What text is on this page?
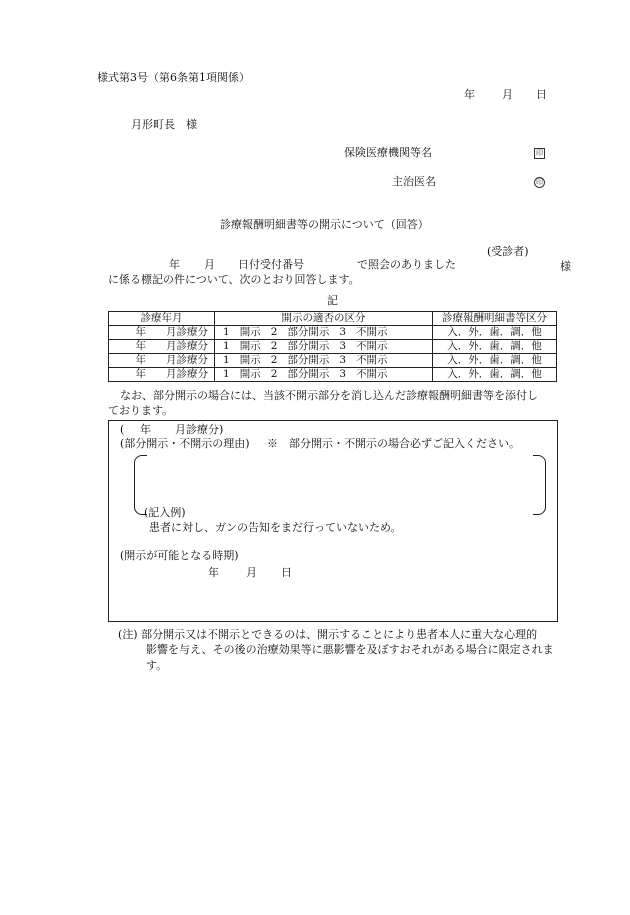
様式第3号（第6条第1項関係）
年 月 日
月形町長　様
保険医療機関等名	印
主治医名	印
診療報酬明細書等の開示について（回答）
(受診者)
年 月 日付受付番号	で照会のありました	様
に係る標記の件について、次のとおり回答します。
記
診療年月	開示の適否の区分	診療報酬明細書等区分
年 月診療分	1 開示 2 部分開示 3 不開示	入．外．歯．調．他
年 月診療分	1 開示 2 部分開示 3 不開示	入．外．歯．調．他
年 月診療分	1 開示 2 部分開示 3 不開示	入．外．歯．調．他
年 月診療分	1 開示 2 部分開示 3 不開示	入．外．歯．調．他
なお、部分開示の場合には、当該不開示部分を消し込んだ診療報酬明細書等を添付し
ております。
( 年 月診療分)
(部分開示・不開示の理由) ※　部分開示・不開示の場合必ずご記入ください。
(記入例)
患者に対し、ガンの告知をまだ行っていないため。
(開示が可能となる時期)
年 月 日
(注) 部分開示又は不開示とできるのは、開示することにより患者本人に重大な心理的
影響を与え、その後の治療効果等に悪影響を及ぼすおそれがある場合に限定されま
す。
